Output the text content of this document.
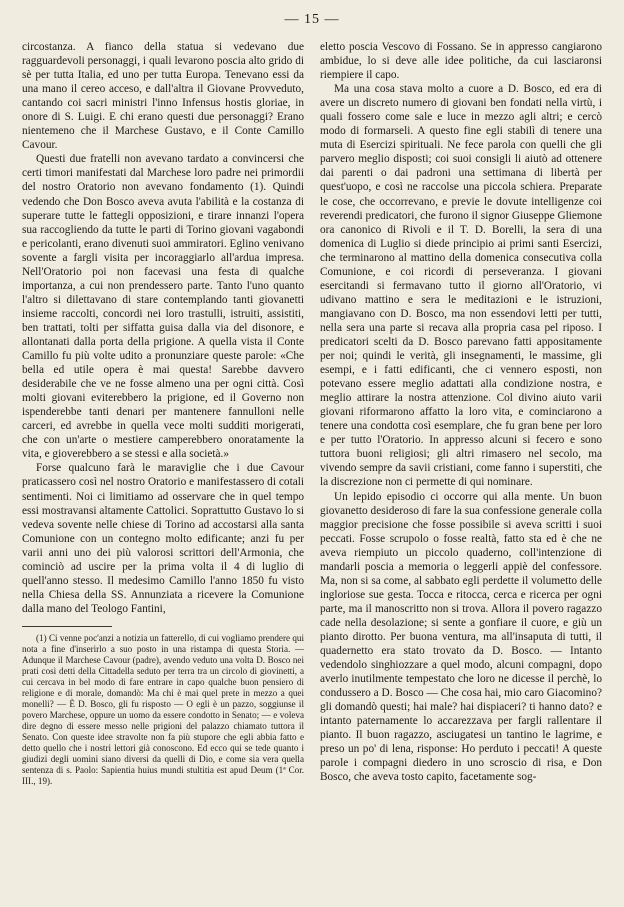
— 15 —

circostanza. A fianco della statua si vedevano due ragguardevoli personaggi, i quali levarono poscia alto grido di sè per tutta Italia, ed uno per tutta Europa. Tenevano essi da una mano il cereo acceso, e dall'altra il Giovane Provveduto, cantando coi sacri ministri l'inno Infensus hostis gloriae, in onore di S. Luigi. E chi erano questi due personaggi? Erano nientemeno che il Marchese Gustavo, e il Conte Camillo Cavour.

Questi due fratelli non avevano tardato a convincersi che certi timori manifestati dal Marchese loro padre nei primordii del nostro Oratorio non avevano fondamento (1). Quindi vedendo che Don Bosco aveva avuta l'abilità e la costanza di superare tutte le fattegli opposizioni, e tirare innanzi l'opera sua raccogliendo da tutte le parti di Torino giovani vagabondi e pericolanti, erano divenuti suoi ammiratori. Eglino venivano sovente a fargli visita per incoraggiarlo all'ardua impresa. Nell'Oratorio poi non facevasi una festa di qualche importanza, a cui non prendessero parte. Tanto l'uno quanto l'altro si dilettavano di stare contemplando tanti giovanetti insieme raccolti, concordi nei loro trastulli, istruiti, assistiti, ben trattati, tolti per siffatta guisa dalla via del disonore, e allontanati dalla porta della prigione. A quella vista il Conte Camillo fu più volte udito a pronunziare queste parole: «Che bella ed utile opera è mai questa! Sarebbe davvero desiderabile che ve ne fosse almeno una per ogni città. Così molti giovani eviterebbero la prigione, ed il Governo non ispenderebbe tanti denari per mantenere fannulloni nelle carceri, ed avrebbe in quella vece molti sudditi morigerati, che con un'arte o mestiere camperebbero onoratamente la vita, e gioverebbero a se stessi e alla società.»

Forse qualcuno farà le maraviglie che i due Cavour praticassero così nel nostro Oratorio e manifestassero di cotali sentimenti. Noi ci limitiamo ad osservare che in quel tempo essi mostravansi altamente Cattolici. Soprattutto Gustavo lo si vedeva sovente nelle chiese di Torino ad accostarsi alla santa Comunione con un contegno molto edificante; anzi fu per varii anni uno dei più valorosi scrittori dell'Armonia, che cominciò ad uscire per la prima volta il 4 di luglio di quell'anno stesso. Il medesimo Camillo l'anno 1850 fu visto nella Chiesa della SS. Annunziata a ricevere la Comunione dalla mano del Teologo Fantini,

(1) Ci venne poc'anzi a notizia un fatterello, di cui vogliamo prendere qui nota a fine d'inserirlo a suo posto in una ristampa di questa Storia. — Adunque il Marchese Cavour (padre), avendo veduto una volta D. Bosco nei prati così detti della Cittadella seduto per terra tra un circolo di giovinetti, a cui cercava in bel modo di fare entrare in capo qualche buon pensiero di religione e di morale, domandò: Ma chi è mai quel prete in mezzo a quei monelli? — È D. Bosco, gli fu risposto — O egli è un pazzo, soggiunse il povero Marchese, oppure un uomo da essere condotto in Senato; — e voleva dire degno di essere messo nelle prigioni del palazzo chiamato tuttora il Senato. Con queste idee stravolte non fa più stupore che egli abbia fatto e detto quello che i nostri lettori già conoscono. Ed ecco qui se tede quanto i giudizi degli uomini siano diversi da quelli di Dio, e come sia vera quella sentenza di s. Paolo: Sapientia huius mundi stultitia est apud Deum (1ª Cor. III., 19).

eletto poscia Vescovo di Fossano. Se in appresso cangiarono ambidue, lo si deve alle idee politiche, da cui lasciaronsi riempiere il capo.

Ma una cosa stava molto a cuore a D. Bosco, ed era di avere un discreto numero di giovani ben fondati nella virtù, i quali fossero come sale e luce in mezzo agli altri; e cercò modo di formarseli. A questo fine egli stabilì di tenere una muta di Esercizi spirituali. Ne fece parola con quelli che gli parvero meglio disposti; coi suoi consigli li aiutò ad ottenere dai parenti o dai padroni una settimana di libertà per quest'uopo, e così ne raccolse una piccola schiera. Preparate le cose, che occorrevano, e previe le dovute intelligenze coi reverendi predicatori, che furono il signor Giuseppe Gliemone ora canonico di Rivoli e il T. D. Borelli, la sera di una domenica di Luglio si diede principio ai primi santi Esercizi, che terminarono al mattino della domenica consecutiva colla Comunione, e coi ricordi di perseveranza. I giovani esercitandi si fermavano tutto il giorno all'Oratorio, vi udivano mattino e sera le meditazioni e le istruzioni, mangiavano con D. Bosco, ma non essendovi letti per tutti, nella sera una parte si recava alla propria casa pel riposo. I predicatori scelti da D. Bosco parevano fatti appositamente per noi; quindi le verità, gli insegnamenti, le massime, gli esempi, e i fatti edificanti, che ci vennero esposti, non potevano essere meglio adattati alla condizione nostra, e meglio attirare la nostra attenzione. Col divino aiuto varii giovani riformarono affatto la loro vita, e cominciarono a tenere una condotta così esemplare, che fu gran bene per loro e per tutto l'Oratorio. In appresso alcuni si fecero e sono tuttora buoni religiosi; gli altri rimasero nel secolo, ma vivendo sempre da savii cristiani, come fanno i superstiti, che la discrezione non ci permette di qui nominare.

Un lepido episodio ci occorre qui alla mente. Un buon giovanetto desideroso di fare la sua confessione generale colla maggior precisione che fosse possibile si aveva scritti i suoi peccati. Fosse scrupolo o fosse realtà, fatto sta ed è che ne aveva riempiuto un piccolo quaderno, coll'intenzione di mandarli poscia a memoria o leggerli appiè del confessore. Ma, non si sa come, al sabbato egli perdette il volumetto delle ingloriose sue gesta. Tocca e ritocca, cerca e ricerca per ogni parte, ma il manoscritto non si trova. Allora il povero ragazzo cade nella desolazione; si sente a gonfiare il cuore, e giù un pianto dirotto. Per buona ventura, ma all'insaputa di tutti, il quadernetto era stato trovato da D. Bosco. — Intanto vedendolo singhiozzare a quel modo, alcuni compagni, dopo averlo inutilmente tempestato che loro ne dicesse il perchè, lo condussero a D. Bosco — Che cosa hai, mio caro Giacomino? gli domandò questi; hai male? hai dispiaceri? ti hanno dato? e intanto paternamente lo accarezzava per fargli rallentare il pianto. Il buon ragazzo, asciugatesi un tantino le lagrime, e preso un po' di lena, risponse: Ho perduto i peccati! A queste parole i compagni diedero in uno scroscio di risa, e Don Bosco, che aveva tosto capito, facetamente sog-
